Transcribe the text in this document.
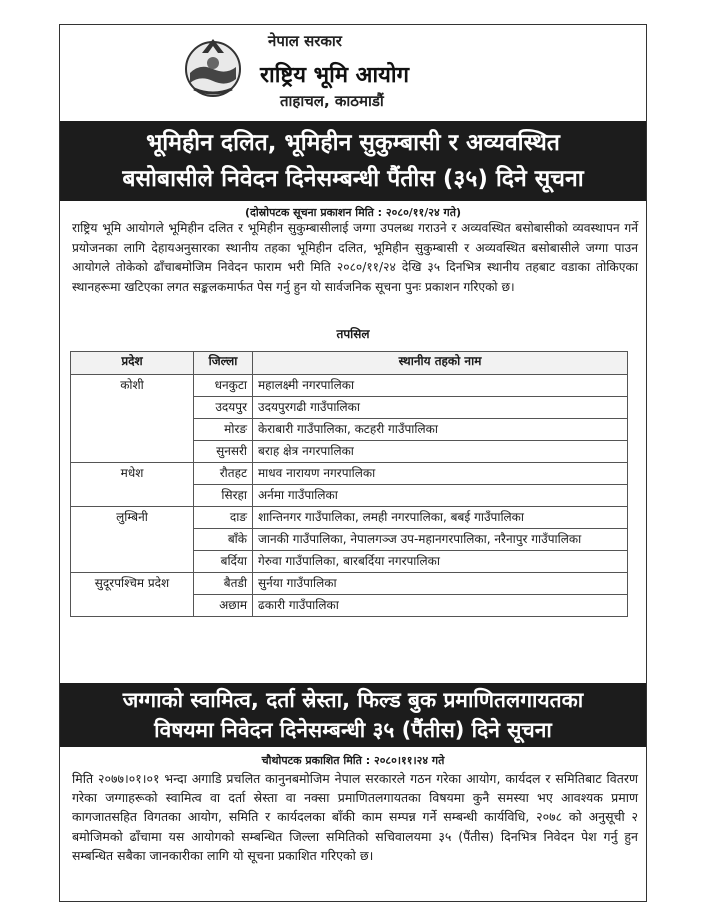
नेपाल सरकार
राष्ट्रिय भूमि आयोग
ताहाचल, काठमाडौं
भूमिहीन दलित, भूमिहीन सुकुम्बासी र अव्यवस्थित
बसोबासीले निवेदन दिनेसम्बन्धी पैंतीस (३५) दिने सूचना
(दोस्रोपटक सूचना प्रकाशन मिति : २०८०/११/२४ गते)
राष्ट्रिय भूमि आयोगले भूमिहीन दलित र भूमिहीन सुकुम्बासीलाई जग्गा उपलब्ध गराउने र अव्यवस्थित बसोबासीको व्यवस्थापन गर्ने प्रयोजनका लागि देहायअनुसारका स्थानीय तहका भूमिहीन दलित, भूमिहीन सुकुम्बासी र अव्यवस्थित बसोबासीले जग्गा पाउन आयोगले तोकेको ढाँचाबमोजिम निवेदन फाराम भरी मिति २०८०/११/२४ देखि ३५ दिनभित्र स्थानीय तहबाट वडाका तोकिएका स्थानहरूमा खटिएका लगत सङ्कलकमार्फत पेस गर्नु हुन यो सार्वजनिक सूचना पुनः प्रकाशन गरिएको छ।
तपसिल
प्रदेश	जिल्ला	स्थानीय तहको नाम
कोशी	धनकुटा	महालक्ष्मी नगरपालिका
	उदयपुर	उदयपुरगढी गाउँपालिका
	मोरङ	केराबारी गाउँपालिका, कटहरी गाउँपालिका
	सुनसरी	बराह क्षेत्र नगरपालिका
मधेश	रौतहट	माधव नारायण नगरपालिका
	सिरहा	अर्नमा गाउँपालिका
लुम्बिनी	दाङ	शान्तिनगर गाउँपालिका, लमही नगरपालिका, बबई गाउँपालिका
	बाँके	जानकी गाउँपालिका, नेपालगञ्ज उप-महानगरपालिका, नरैनापुर गाउँपालिका
	बर्दिया	गेरुवा गाउँपालिका, बारबर्दिया नगरपालिका
सुदूरपश्चिम प्रदेश	बैतडी	सुर्नया गाउँपालिका
	अछाम	ढकारी गाउँपालिका
जग्गाको स्वामित्व, दर्ता स्रेस्ता, फिल्ड बुक प्रमाणितलगायतका
विषयमा निवेदन दिनेसम्बन्धी ३५ (पैंतीस) दिने सूचना
चौथोपटक प्रकाशित मिति : २०८०।११।२४ गते
मिति २०७७।०१।०१ भन्दा अगाडि प्रचलित कानुनबमोजिम नेपाल सरकारले गठन गरेका आयोग, कार्यदल र समितिबाट वितरण गरेका जग्गाहरूको स्वामित्व वा दर्ता स्रेस्ता वा नक्सा प्रमाणितलगायतका विषयमा कुनै समस्या भए आवश्यक प्रमाण कागजातसहित विगतका आयोग, समिति र कार्यदलका बाँकी काम सम्पन्न गर्ने सम्बन्धी कार्यविधि, २०७८ को अनुसूची २ बमोजिमको ढाँचामा यस आयोगको सम्बन्धित जिल्ला समितिको सचिवालयमा ३५ (पैंतीस) दिनभित्र निवेदन पेश गर्नु हुन सम्बन्धित सबैका जानकारीका लागि यो सूचना प्रकाशित गरिएको छ।
